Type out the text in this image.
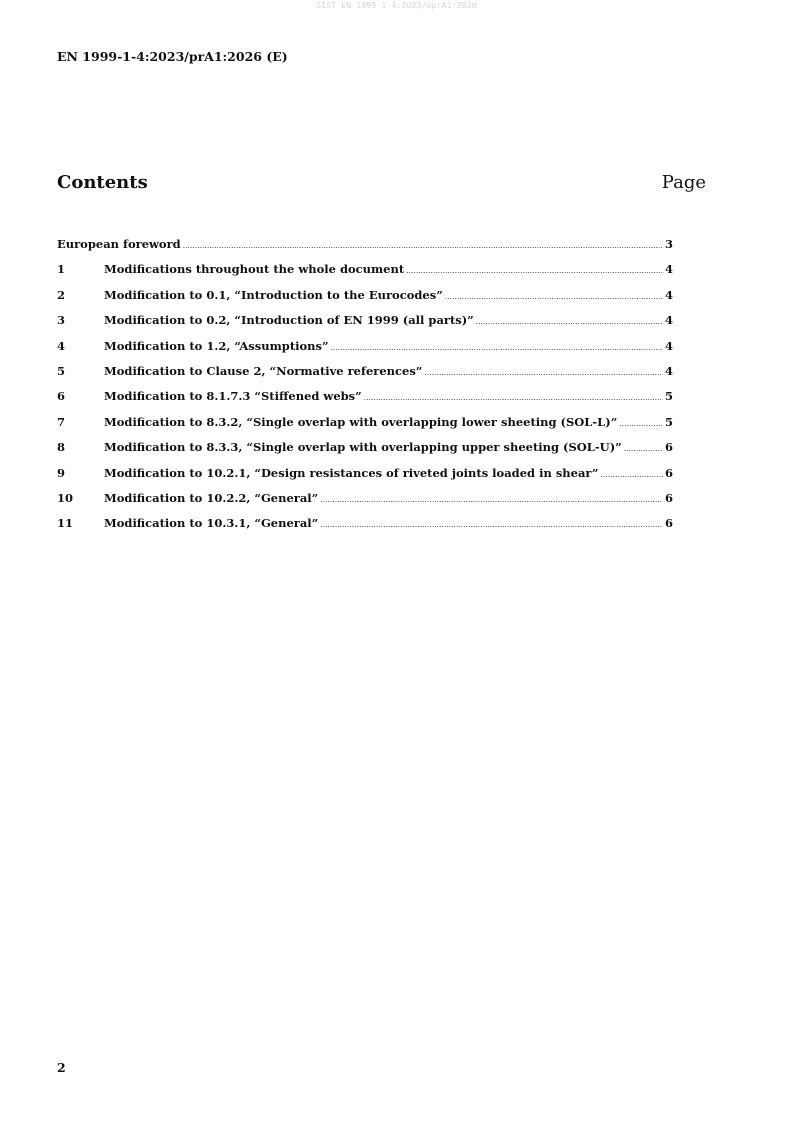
SIST EN 1999-1-4:2023/oprA1:2026
EN 1999-1-4:2023/prA1:2026 (E)
Contents	Page
European foreword .....	3
1	Modifications throughout the whole document .....	4
2	Modification to 0.1, “Introduction to the Eurocodes” .....	4
3	Modification to 0.2, “Introduction of EN 1999 (all parts)” .....	4
4	Modification to 1.2, “Assumptions” .....	4
5	Modification to Clause 2, “Normative references” .....	4
6	Modification to 8.1.7.3 “Stiffened webs” .....	5
7	Modification to 8.3.2, “Single overlap with overlapping lower sheeting (SOL-L)” .....	5
8	Modification to 8.3.3, “Single overlap with overlapping upper sheeting (SOL-U)” .....	6
9	Modification to 10.2.1, “Design resistances of riveted joints loaded in shear” .....	6
10	Modification to 10.2.2, “General” .....	6
11	Modification to 10.3.1, “General” .....	6
2
